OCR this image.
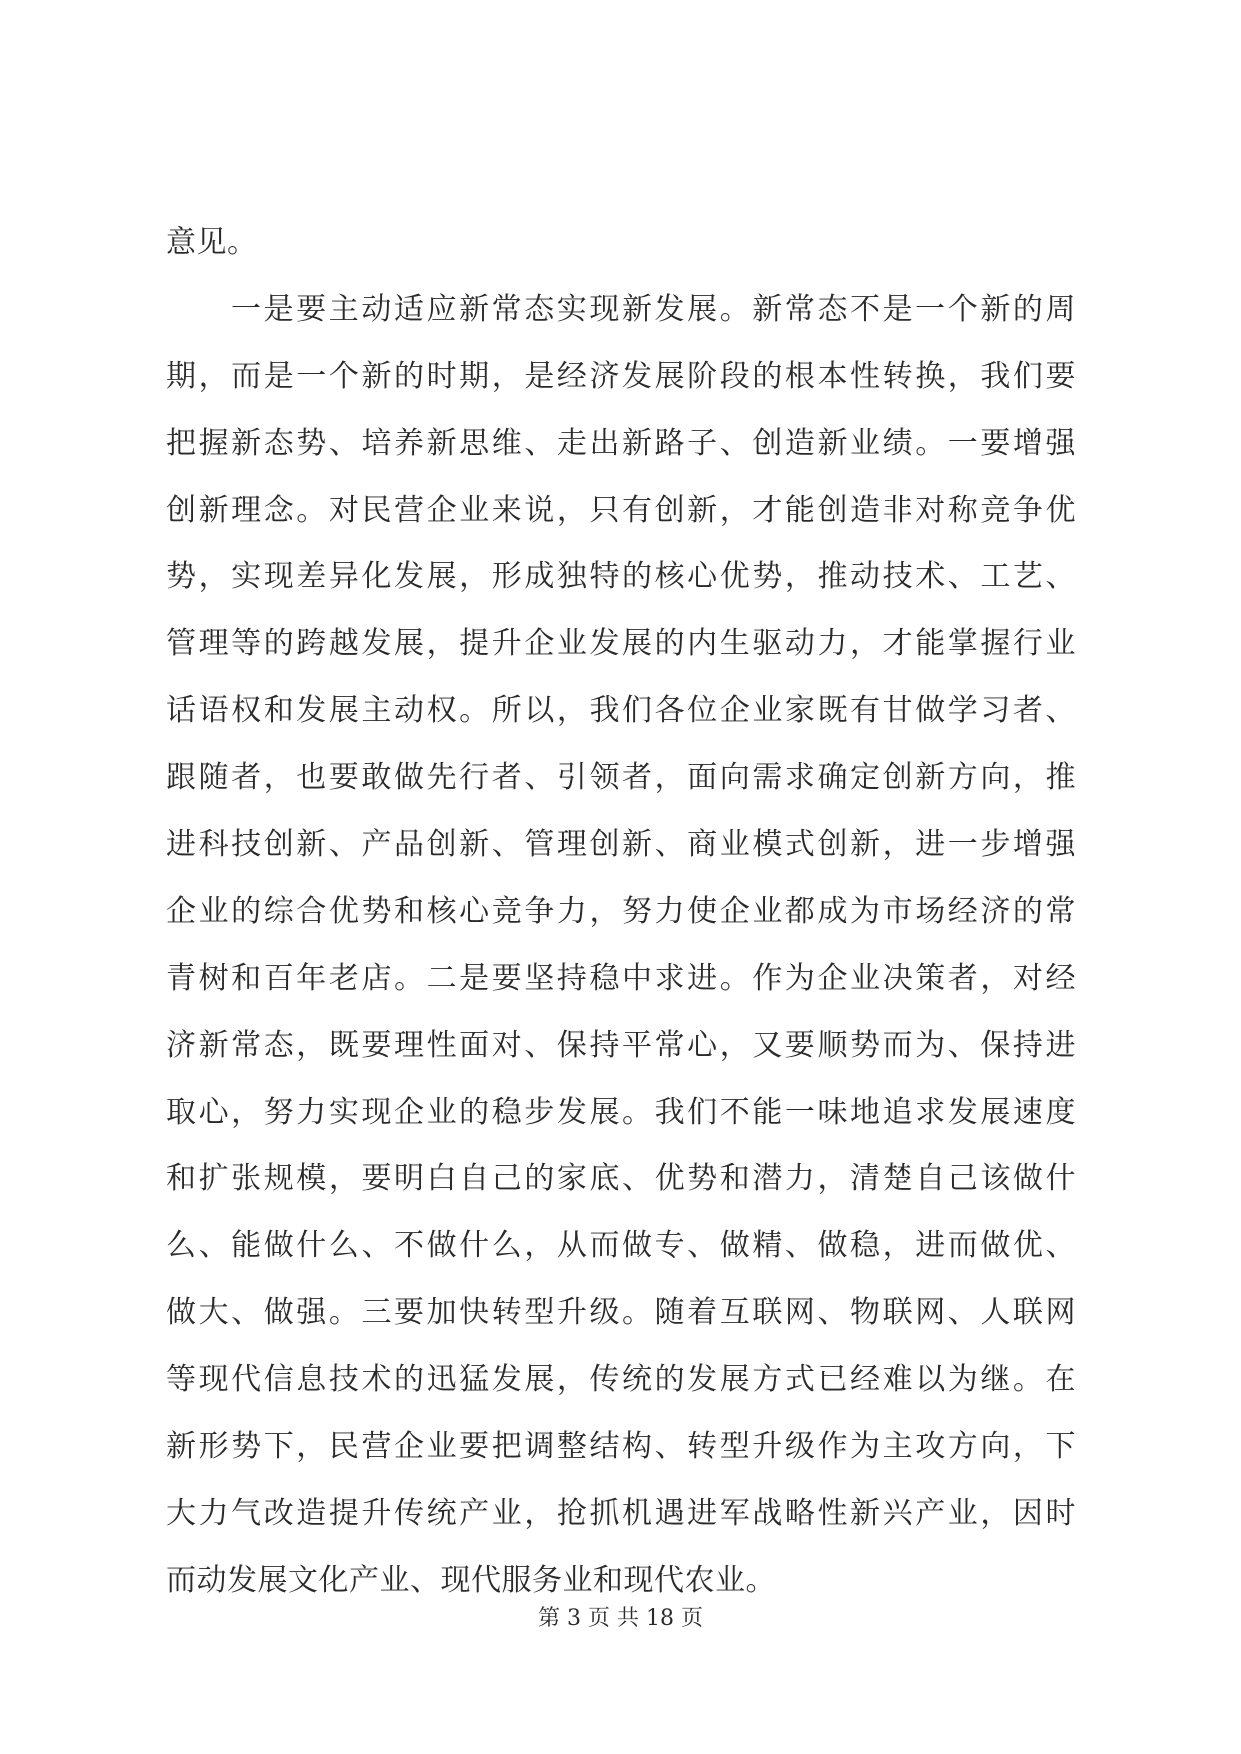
意见。
一是要主动适应新常态实现新发展。新常态不是一个新的周
期，而是一个新的时期，是经济发展阶段的根本性转换，我们要
把握新态势、培养新思维、走出新路子、创造新业绩。一要增强
创新理念。对民营企业来说，只有创新，才能创造非对称竞争优
势，实现差异化发展，形成独特的核心优势，推动技术、工艺、
管理等的跨越发展，提升企业发展的内生驱动力，才能掌握行业
话语权和发展主动权。所以，我们各位企业家既有甘做学习者、
跟随者，也要敢做先行者、引领者，面向需求确定创新方向，推
进科技创新、产品创新、管理创新、商业模式创新，进一步增强
企业的综合优势和核心竞争力，努力使企业都成为市场经济的常
青树和百年老店。二是要坚持稳中求进。作为企业决策者，对经
济新常态，既要理性面对、保持平常心，又要顺势而为、保持进
取心，努力实现企业的稳步发展。我们不能一味地追求发展速度
和扩张规模，要明白自己的家底、优势和潜力，清楚自己该做什
么、能做什么、不做什么，从而做专、做精、做稳，进而做优、
做大、做强。三要加快转型升级。随着互联网、物联网、人联网
等现代信息技术的迅猛发展，传统的发展方式已经难以为继。在
新形势下，民营企业要把调整结构、转型升级作为主攻方向，下
大力气改造提升传统产业，抢抓机遇进军战略性新兴产业，因时
而动发展文化产业、现代服务业和现代农业。
第 3 页 共 18 页
